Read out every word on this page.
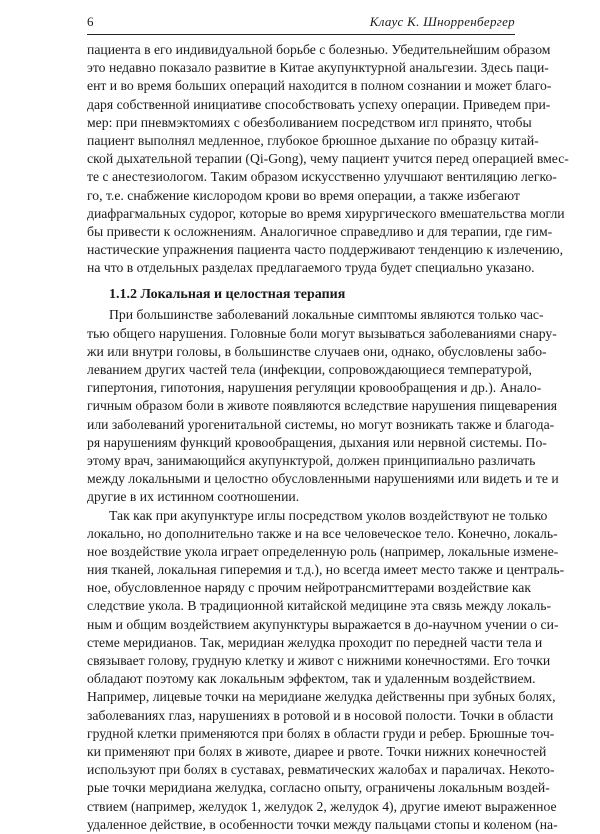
6	Клаус К. Шнорренбергер
пациента в его индивидуальной борьбе с болезнью. Убедительнейшим образом
это недавно показало развитие в Китае акупунктурной анальгезии. Здесь паци-
ент и во время больших операций находится в полном сознании и может благо-
даря собственной инициативе способствовать успеху операции. Приведем при-
мер: при пневмэктомиях с обезболиванием посредством игл принято, чтобы
пациент выполнял медленное, глубокое брюшное дыхание по образцу китай-
ской дыхательной терапии (Qi-Gong), чему пациент учится перед операцией вмес-
те с анестезиологом. Таким образом искусственно улучшают вентиляцию легко-
го, т.е. снабжение кислородом крови во время операции, а также избегают
диафрагмальных судорог, которые во время хирургического вмешательства могли
бы привести к осложнениям. Аналогичное справедливо и для терапии, где гим-
настические упражнения пациента часто поддерживают тенденцию к излечению,
на что в отдельных разделах предлагаемого труда будет специально указано.
1.1.2 Локальная и целостная терапия
При большинстве заболеваний локальные симптомы являются только час-
тью общего нарушения. Головные боли могут вызываться заболеваниями снару-
жи или внутри головы, в большинстве случаев они, однако, обусловлены забо-
леванием других частей тела (инфекции, сопровождающиеся температурой,
гипертония, гипотония, нарушения регуляции кровообращения и др.). Анало-
гичным образом боли в животе появляются вследствие нарушения пищеварения
или заболеваний урогенитальной системы, но могут возникать также и благода-
ря нарушениям функций кровообращения, дыхания или нервной системы. По-
этому врач, занимающийся акупунктурой, должен принципиально различать
между локальными и целостно обусловленными нарушениями или видеть и те и
другие в их истинном соотношении.
Так как при акупунктуре иглы посредством уколов воздействуют не только
локально, но дополнительно также и на все человеческое тело. Конечно, локаль-
ное воздействие укола играет определенную роль (например, локальные измене-
ния тканей, локальная гиперемия и т.д.), но всегда имеет место также и централь-
ное, обусловленное наряду с прочим нейротрансмиттерами воздействие как
следствие укола. В традиционной китайской медицине эта связь между локаль-
ным и общим воздействием акупунктуры выражается в до-научном учении о си-
стеме меридианов. Так, меридиан желудка проходит по передней части тела и
связывает голову, грудную клетку и живот с нижними конечностями. Его точки
обладают поэтому как локальным эффектом, так и удаленным воздействием.
Например, лицевые точки на меридиане желудка действенны при зубных болях,
заболеваниях глаз, нарушениях в ротовой и в носовой полости. Точки в области
грудной клетки применяются при болях в области груди и ребер. Брюшные точ-
ки применяют при болях в животе, диарее и рвоте. Точки нижних конечностей
используют при болях в суставах, ревматических жалобах и параличах. Некото-
рые точки меридиана желудка, согласно опыту, ограничены локальным воздей-
ствием (например, желудок 1, желудок 2, желудок 4), другие имеют выраженное
удаленное действие, в особенности точки между пальцами стопы и коленом (на-
